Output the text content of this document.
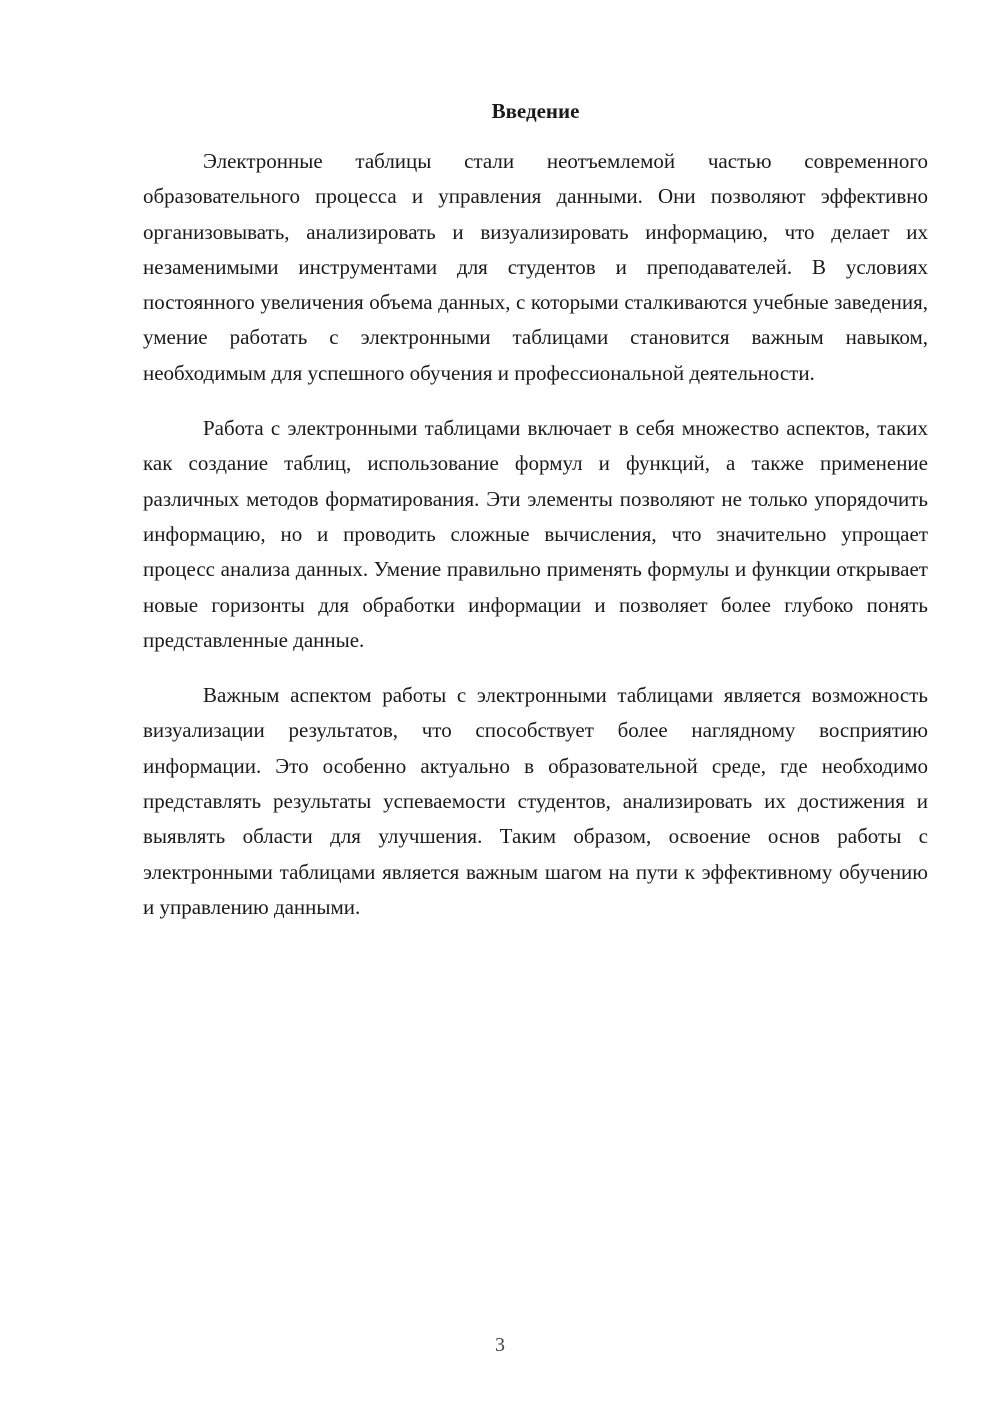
Введение

Электронные таблицы стали неотъемлемой частью современного образовательного процесса и управления данными. Они позволяют эффективно организовывать, анализировать и визуализировать информацию, что делает их незаменимыми инструментами для студентов и преподавателей. В условиях постоянного увеличения объема данных, с которыми сталкиваются учебные заведения, умение работать с электронными таблицами становится важным навыком, необходимым для успешного обучения и профессиональной деятельности.

Работа с электронными таблицами включает в себя множество аспектов, таких как создание таблиц, использование формул и функций, а также применение различных методов форматирования. Эти элементы позволяют не только упорядочить информацию, но и проводить сложные вычисления, что значительно упрощает процесс анализа данных. Умение правильно применять формулы и функции открывает новые горизонты для обработки информации и позволяет более глубоко понять представленные данные.

Важным аспектом работы с электронными таблицами является возможность визуализации результатов, что способствует более наглядному восприятию информации. Это особенно актуально в образовательной среде, где необходимо представлять результаты успеваемости студентов, анализировать их достижения и выявлять области для улучшения. Таким образом, освоение основ работы с электронными таблицами является важным шагом на пути к эффективному обучению и управлению данными.

3
